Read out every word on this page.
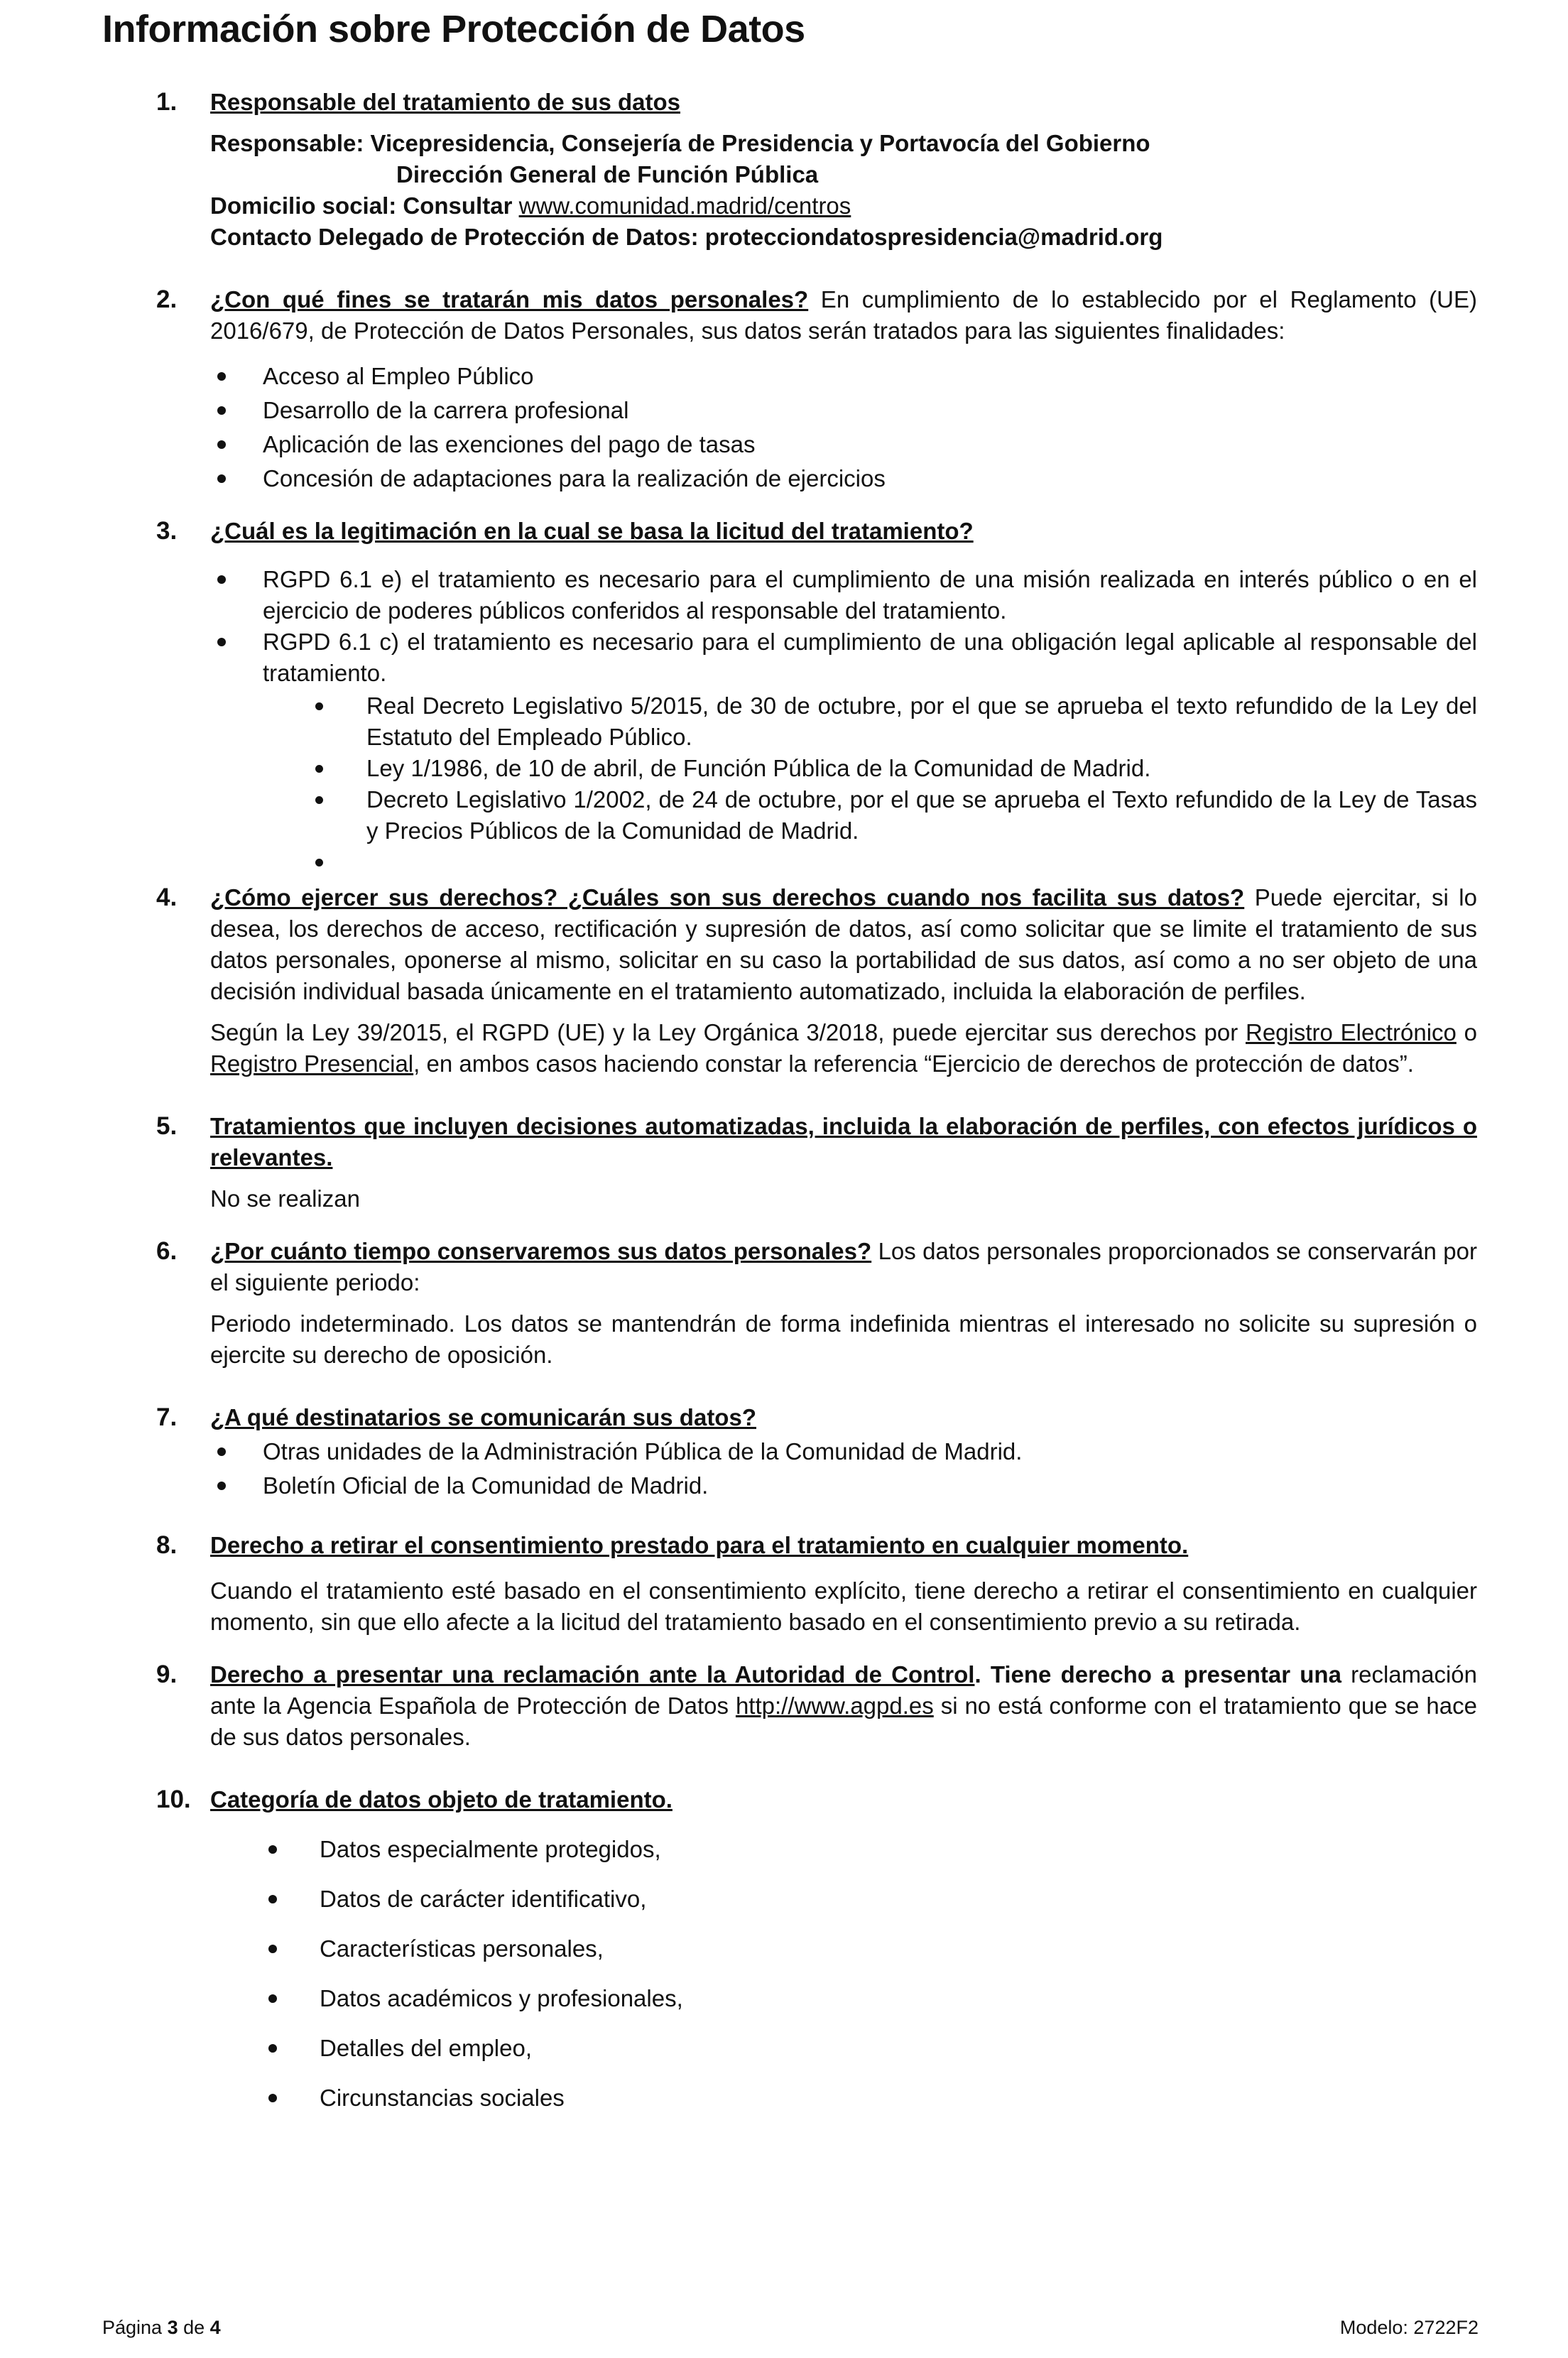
Información sobre Protección de Datos
1. Responsable del tratamiento de sus datos
Responsable: Vicepresidencia, Consejería de Presidencia y Portavocía del Gobierno
Dirección General de Función Pública
Domicilio social: Consultar www.comunidad.madrid/centros
Contacto Delegado de Protección de Datos: protecciondatospresidencia@madrid.org
2. ¿Con qué fines se tratarán mis datos personales? En cumplimiento de lo establecido por el Reglamento (UE) 2016/679, de Protección de Datos Personales, sus datos serán tratados para las siguientes finalidades:
Acceso al Empleo Público
Desarrollo de la carrera profesional
Aplicación de las exenciones del pago de tasas
Concesión de adaptaciones para la realización de ejercicios
3. ¿Cuál es la legitimación en la cual se basa la licitud del tratamiento?
RGPD 6.1 e) el tratamiento es necesario para el cumplimiento de una misión realizada en interés público o en el ejercicio de poderes públicos conferidos al responsable del tratamiento.
RGPD 6.1 c) el tratamiento es necesario para el cumplimiento de una obligación legal aplicable al responsable del tratamiento.
Real Decreto Legislativo 5/2015, de 30 de octubre, por el que se aprueba el texto refundido de la Ley del Estatuto del Empleado Público.
Ley 1/1986, de 10 de abril, de Función Pública de la Comunidad de Madrid.
Decreto Legislativo 1/2002, de 24 de octubre, por el que se aprueba el Texto refundido de la Ley de Tasas y Precios Públicos de la Comunidad de Madrid.
4. ¿Cómo ejercer sus derechos? ¿Cuáles son sus derechos cuando nos facilita sus datos? Puede ejercitar, si lo desea, los derechos de acceso, rectificación y supresión de datos, así como solicitar que se limite el tratamiento de sus datos personales, oponerse al mismo, solicitar en su caso la portabilidad de sus datos, así como a no ser objeto de una decisión individual basada únicamente en el tratamiento automatizado, incluida la elaboración de perfiles.
Según la Ley 39/2015, el RGPD (UE) y la Ley Orgánica 3/2018, puede ejercitar sus derechos por Registro Electrónico o Registro Presencial, en ambos casos haciendo constar la referencia “Ejercicio de derechos de protección de datos”.
5. Tratamientos que incluyen decisiones automatizadas, incluida la elaboración de perfiles, con efectos jurídicos o relevantes.
No se realizan
6. ¿Por cuánto tiempo conservaremos sus datos personales? Los datos personales proporcionados se conservarán por el siguiente periodo:
Periodo indeterminado. Los datos se mantendrán de forma indefinida mientras el interesado no solicite su supresión o ejercite su derecho de oposición.
7. ¿A qué destinatarios se comunicarán sus datos?
Otras unidades de la Administración Pública de la Comunidad de Madrid.
Boletín Oficial de la Comunidad de Madrid.
8. Derecho a retirar el consentimiento prestado para el tratamiento en cualquier momento.
Cuando el tratamiento esté basado en el consentimiento explícito, tiene derecho a retirar el consentimiento en cualquier momento, sin que ello afecte a la licitud del tratamiento basado en el consentimiento previo a su retirada.
9. Derecho a presentar una reclamación ante la Autoridad de Control. Tiene derecho a presentar una reclamación ante la Agencia Española de Protección de Datos http://www.agpd.es si no está conforme con el tratamiento que se hace de sus datos personales.
10. Categoría de datos objeto de tratamiento.
Datos especialmente protegidos,
Datos de carácter identificativo,
Características personales,
Datos académicos y profesionales,
Detalles del empleo,
Circunstancias sociales
Página 3 de 4	Modelo: 2722F2
